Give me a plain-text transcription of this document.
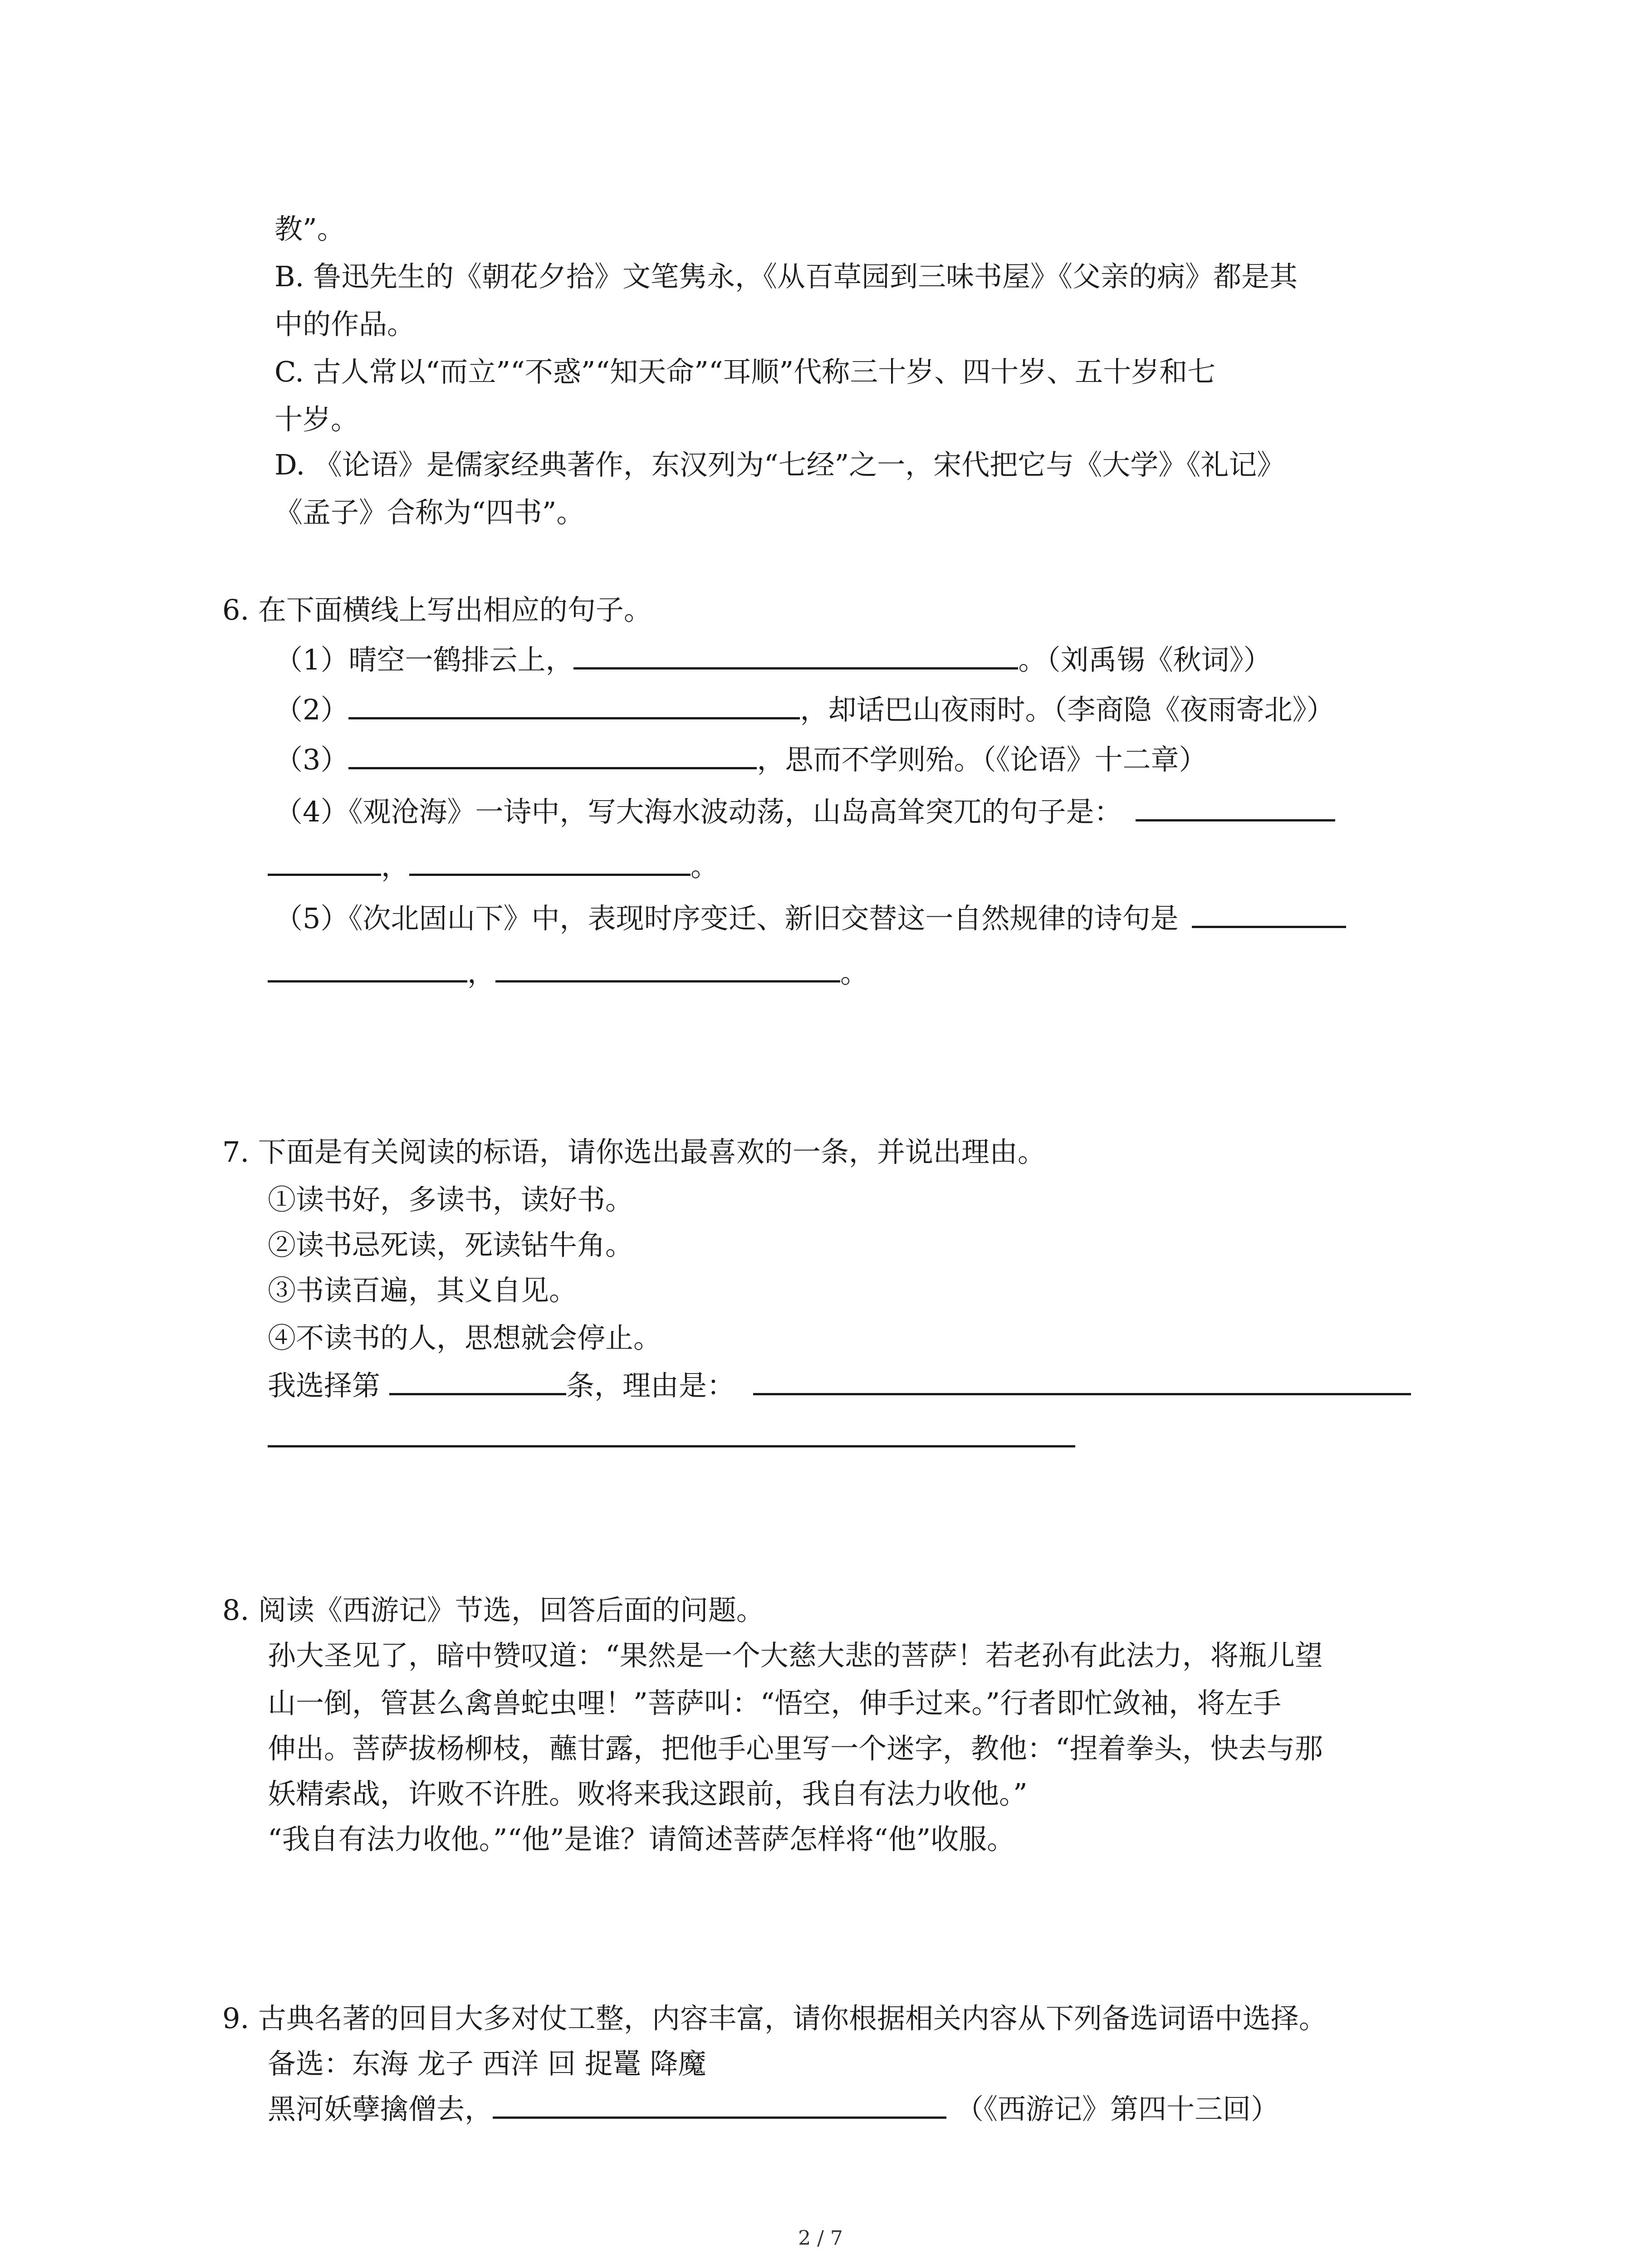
教”。
B. 鲁迅先生的《朝花夕拾》文笔隽永，《从百草园到三味书屋》《父亲的病》都是其
中的作品。
C. 古人常以“而立”“不惑”“知天命”“耳顺”代称三十岁、四十岁、五十岁和七
十岁。
D. 《论语》是儒家经典著作，东汉列为“七经”之一，宋代把它与《大学》《礼记》
《孟子》合称为“四书”。
6. 在下面横线上写出相应的句子。
（1）晴空一鹤排云上，	。（刘禹锡《秋词》）
（2）	，却话巴山夜雨时。（李商隐《夜雨寄北》）
（3）	，思而不学则殆。（《论语》十二章）
（4）《观沧海》一诗中，写大海水波动荡，山岛高耸突兀的句子是：
，	。
（5）《次北固山下》中，表现时序变迁、新旧交替这一自然规律的诗句是
，	。
7. 下面是有关阅读的标语，请你选出最喜欢的一条，并说出理由。
①读书好，多读书，读好书。
②读书忌死读，死读钻牛角。
③书读百遍，其义自见。
④不读书的人，思想就会停止。
我选择第	条，理由是：
8. 阅读《西游记》节选，回答后面的问题。
孙大圣见了，暗中赞叹道：“果然是一个大慈大悲的菩萨！若老孙有此法力，将瓶儿望
山一倒，管甚么禽兽蛇虫哩！”菩萨叫：“悟空，伸手过来。”行者即忙敛袖，将左手
伸出。菩萨拔杨柳枝，蘸甘露，把他手心里写一个迷字，教他：“捏着拳头，快去与那
妖精索战，许败不许胜。败将来我这跟前，我自有法力收他。”
“我自有法力收他。”“他”是谁？请简述菩萨怎样将“他”收服。
9. 古典名著的回目大多对仗工整，内容丰富，请你根据相关内容从下列备选词语中选择。
备选：东海 龙子 西洋 回 捉鼍 降魔
黑河妖孽擒僧去，	（《西游记》第四十三回）
2 / 7
